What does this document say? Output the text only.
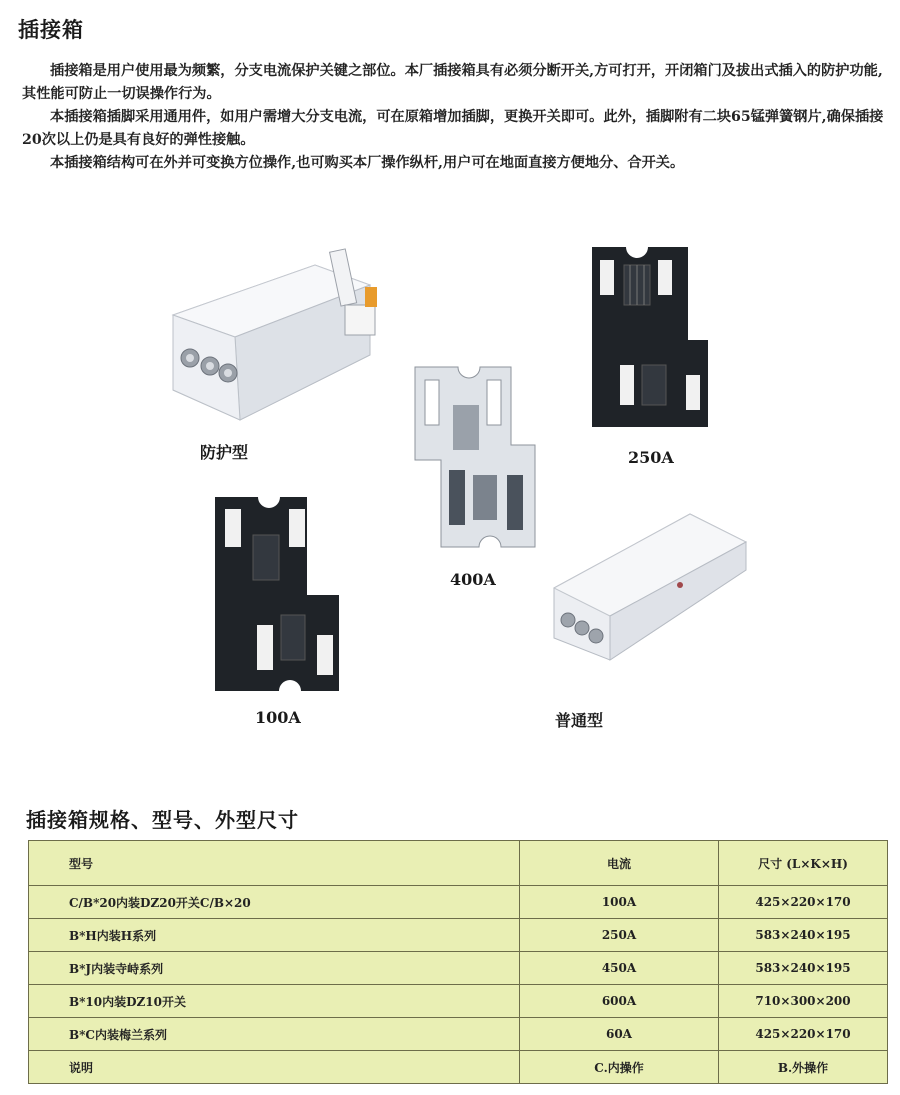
插接箱

插接箱是用户使用最为频繁，分支电流保护关键之部位。本厂插接箱具有必须分断开关,方可打开，开闭箱门及拔出式插入的防护功能,其性能可防止一切误操作行为。

本插接箱插脚采用通用件，如用户需增大分支电流，可在原箱增加插脚，更换开关即可。此外，插脚附有二块65锰弹簧钢片,确保插接20次以上仍是具有良好的弹性接触。

本插接箱结构可在外并可变换方位操作,也可购买本厂操作纵杆,用户可在地面直接方便地分、合开关。

防护型	250A
400A
100A	普通型
插接箱规格、型号、外型尺寸
型号	电流	尺寸 (L×K×H)
C/B*20内装DZ20开关C/B×20	100A	425×220×170
B*H内装H系列	250A	583×240×195
B*J内装寺峙系列	450A	583×240×195
B*10内装DZ10开关	600A	710×300×200
B*C内装梅兰系列	60A	425×220×170
说明	C.内操作	B.外操作
